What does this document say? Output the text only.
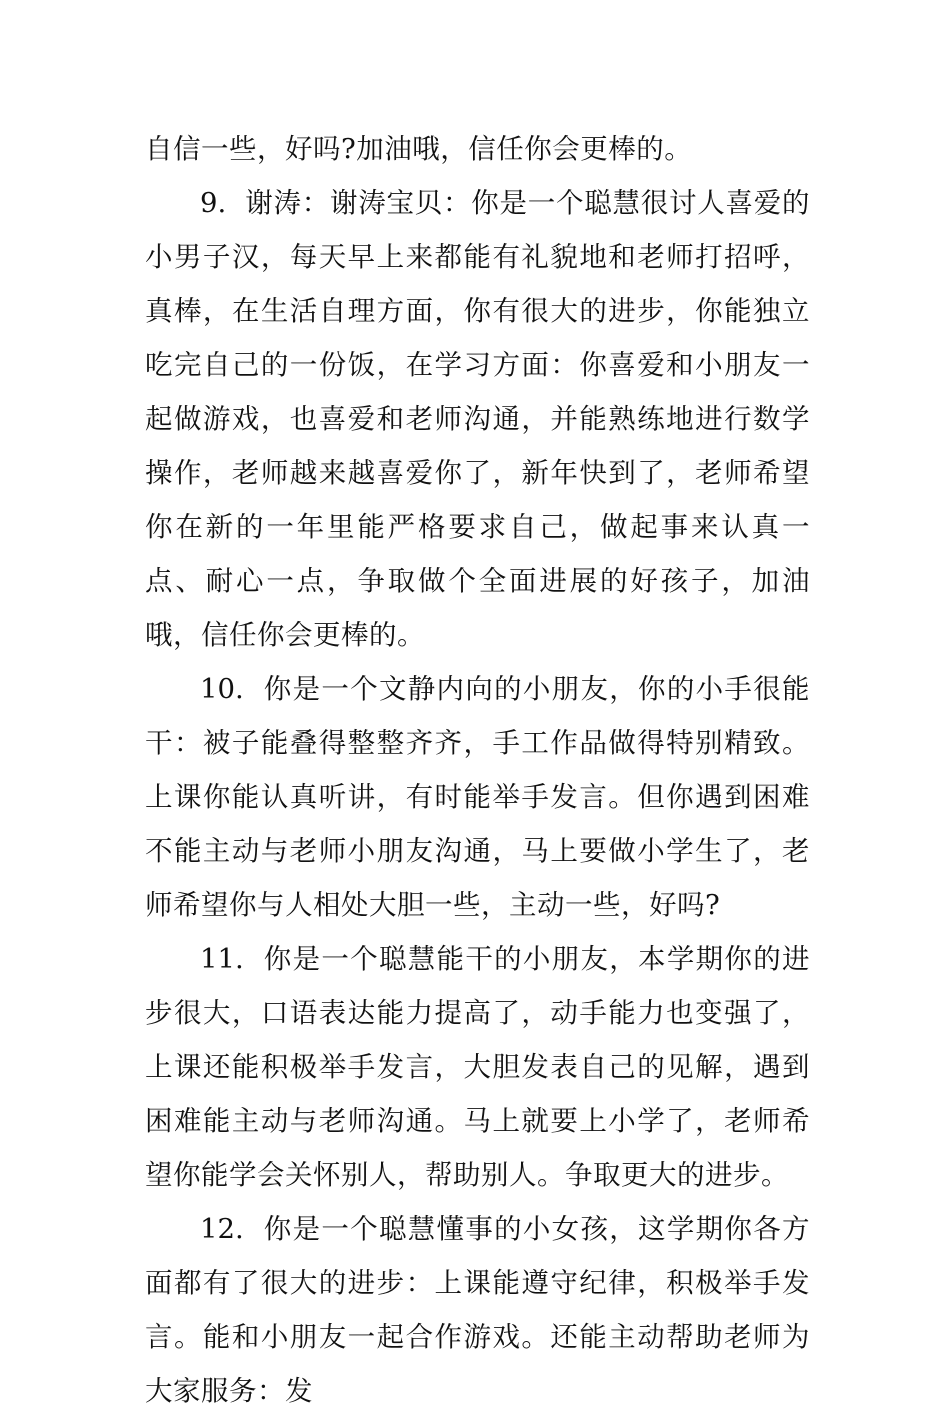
自信一些，好吗?加油哦，信任你会更棒的。

9. 谢涛：谢涛宝贝：你是一个聪慧很讨人喜爱的小男子汉，每天早上来都能有礼貌地和老师打招呼，真棒，在生活自理方面，你有很大的进步，你能独立吃完自己的一份饭，在学习方面：你喜爱和小朋友一起做游戏，也喜爱和老师沟通，并能熟练地进行数学操作，老师越来越喜爱你了，新年快到了，老师希望你在新的一年里能严格要求自己，做起事来认真一点、耐心一点，争取做个全面进展的好孩子，加油哦，信任你会更棒的。

10. 你是一个文静内向的小朋友，你的小手很能干：被子能叠得整整齐齐，手工作品做得特别精致。上课你能认真听讲，有时能举手发言。但你遇到困难不能主动与老师小朋友沟通，马上要做小学生了，老师希望你与人相处大胆一些，主动一些，好吗?

11. 你是一个聪慧能干的小朋友，本学期你的进步很大，口语表达能力提高了，动手能力也变强了，上课还能积极举手发言，大胆发表自己的见解，遇到困难能主动与老师沟通。马上就要上小学了，老师希望你能学会关怀别人，帮助别人。争取更大的进步。

12. 你是一个聪慧懂事的小女孩，这学期你各方面都有了很大的进步：上课能遵守纪律，积极举手发言。能和小朋友一起合作游戏。还能主动帮助老师为大家服务：发
